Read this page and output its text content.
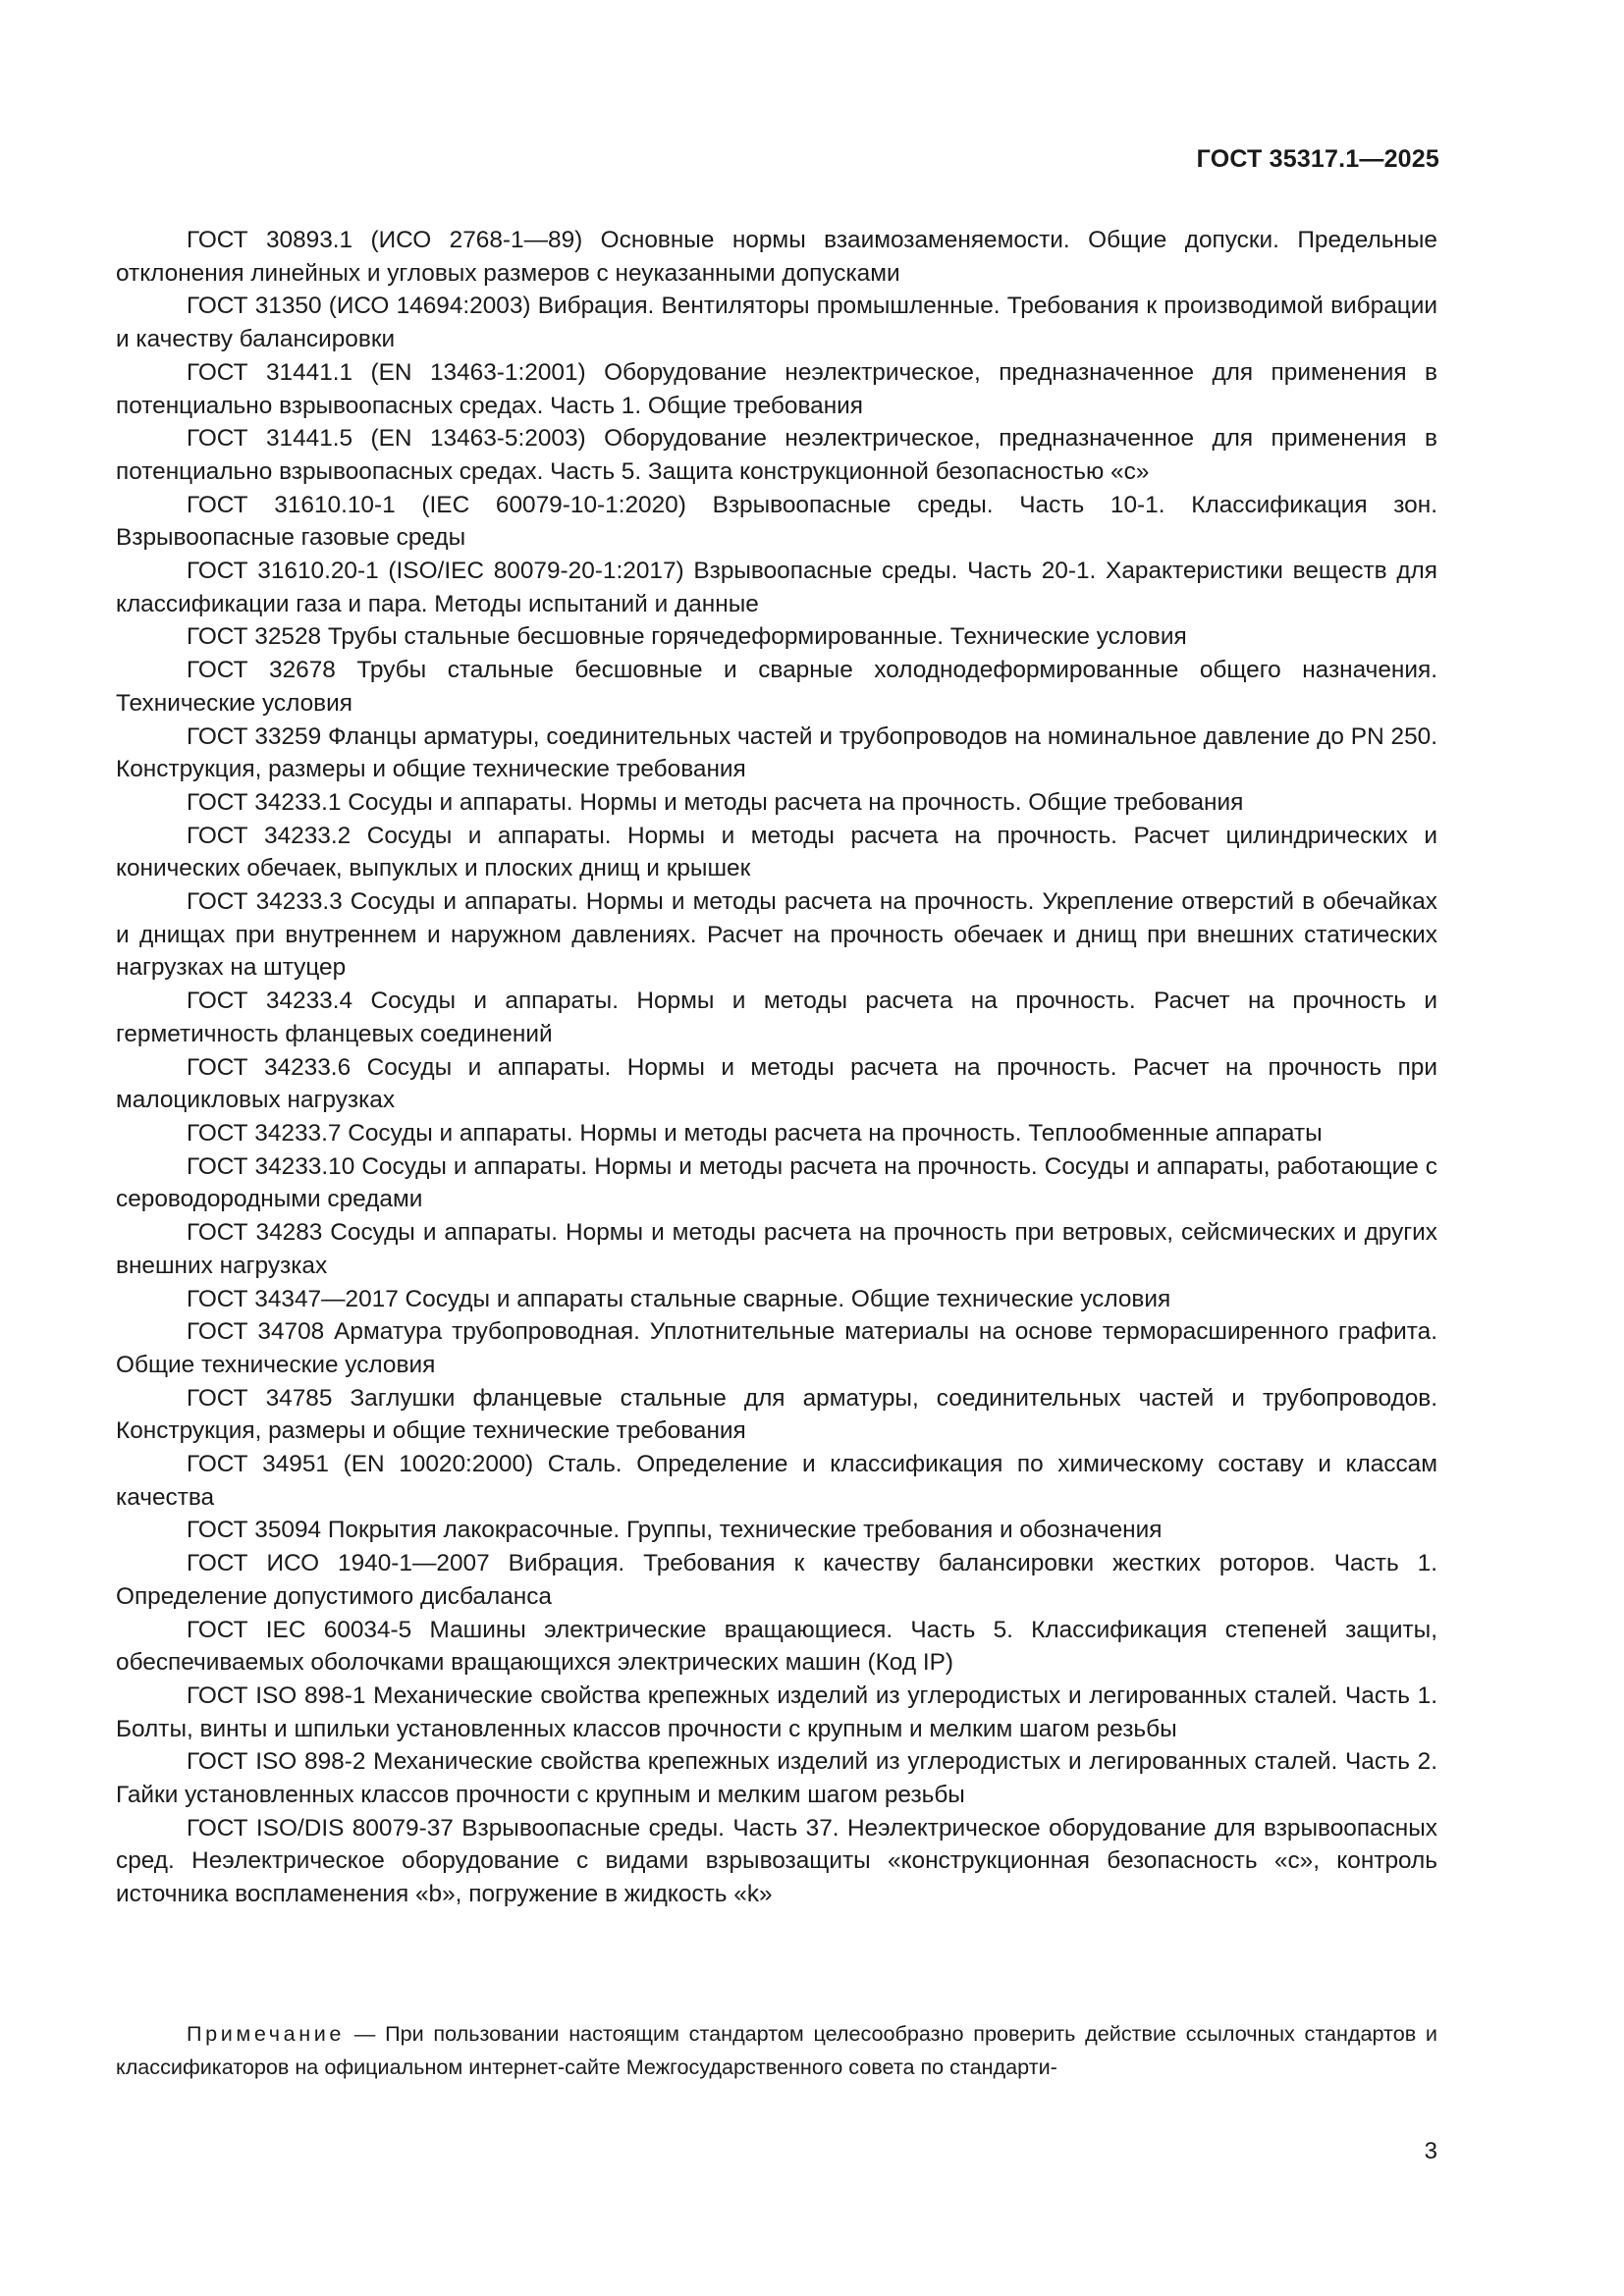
ГОСТ 35317.1—2025

ГОСТ 30893.1 (ИСО 2768-1—89) Основные нормы взаимозаменяемости. Общие допуски. Предельные отклонения линейных и угловых размеров с неуказанными допусками

ГОСТ 31350 (ИСО 14694:2003) Вибрация. Вентиляторы промышленные. Требования к производимой вибрации и качеству балансировки

ГОСТ 31441.1 (EN 13463-1:2001) Оборудование неэлектрическое, предназначенное для применения в потенциально взрывоопасных средах. Часть 1. Общие требования

ГОСТ 31441.5 (EN 13463-5:2003) Оборудование неэлектрическое, предназначенное для применения в потенциально взрывоопасных средах. Часть 5. Защита конструкционной безопасностью «c»

ГОСТ 31610.10-1 (IEC 60079-10-1:2020) Взрывоопасные среды. Часть 10-1. Классификация зон. Взрывоопасные газовые среды

ГОСТ 31610.20-1 (ISO/IEC 80079-20-1:2017) Взрывоопасные среды. Часть 20-1. Характеристики веществ для классификации газа и пара. Методы испытаний и данные

ГОСТ 32528 Трубы стальные бесшовные горячедеформированные. Технические условия

ГОСТ 32678 Трубы стальные бесшовные и сварные холоднодеформированные общего назначения. Технические условия

ГОСТ 33259 Фланцы арматуры, соединительных частей и трубопроводов на номинальное давление до PN 250. Конструкция, размеры и общие технические требования

ГОСТ 34233.1 Сосуды и аппараты. Нормы и методы расчета на прочность. Общие требования

ГОСТ 34233.2 Сосуды и аппараты. Нормы и методы расчета на прочность. Расчет цилиндрических и конических обечаек, выпуклых и плоских днищ и крышек

ГОСТ 34233.3 Сосуды и аппараты. Нормы и методы расчета на прочность. Укрепление отверстий в обечайках и днищах при внутреннем и наружном давлениях. Расчет на прочность обечаек и днищ при внешних статических нагрузках на штуцер

ГОСТ 34233.4 Сосуды и аппараты. Нормы и методы расчета на прочность. Расчет на прочность и герметичность фланцевых соединений

ГОСТ 34233.6 Сосуды и аппараты. Нормы и методы расчета на прочность. Расчет на прочность при малоцикловых нагрузках

ГОСТ 34233.7 Сосуды и аппараты. Нормы и методы расчета на прочность. Теплообменные аппараты

ГОСТ 34233.10 Сосуды и аппараты. Нормы и методы расчета на прочность. Сосуды и аппараты, работающие с сероводородными средами

ГОСТ 34283 Сосуды и аппараты. Нормы и методы расчета на прочность при ветровых, сейсмических и других внешних нагрузках

ГОСТ 34347—2017 Сосуды и аппараты стальные сварные. Общие технические условия

ГОСТ 34708 Арматура трубопроводная. Уплотнительные материалы на основе терморасширенного графита. Общие технические условия

ГОСТ 34785 Заглушки фланцевые стальные для арматуры, соединительных частей и трубопроводов. Конструкция, размеры и общие технические требования

ГОСТ 34951 (EN 10020:2000) Сталь. Определение и классификация по химическому составу и классам качества

ГОСТ 35094 Покрытия лакокрасочные. Группы, технические требования и обозначения

ГОСТ ИСО 1940-1—2007 Вибрация. Требования к качеству балансировки жестких роторов. Часть 1. Определение допустимого дисбаланса

ГОСТ IEC 60034-5 Машины электрические вращающиеся. Часть 5. Классификация степеней защиты, обеспечиваемых оболочками вращающихся электрических машин (Код IP)

ГОСТ ISO 898-1 Механические свойства крепежных изделий из углеродистых и легированных сталей. Часть 1. Болты, винты и шпильки установленных классов прочности с крупным и мелким шагом резьбы

ГОСТ ISO 898-2 Механические свойства крепежных изделий из углеродистых и легированных сталей. Часть 2. Гайки установленных классов прочности с крупным и мелким шагом резьбы

ГОСТ ISO/DIS 80079-37 Взрывоопасные среды. Часть 37. Неэлектрическое оборудование для взрывоопасных сред. Неэлектрическое оборудование с видами взрывозащиты «конструкционная безопасность «c», контроль источника воспламенения «b», погружение в жидкость «k»

Примечание — При пользовании настоящим стандартом целесообразно проверить действие ссылочных стандартов и классификаторов на официальном интернет-сайте Межгосударственного совета по стандарти-

3
